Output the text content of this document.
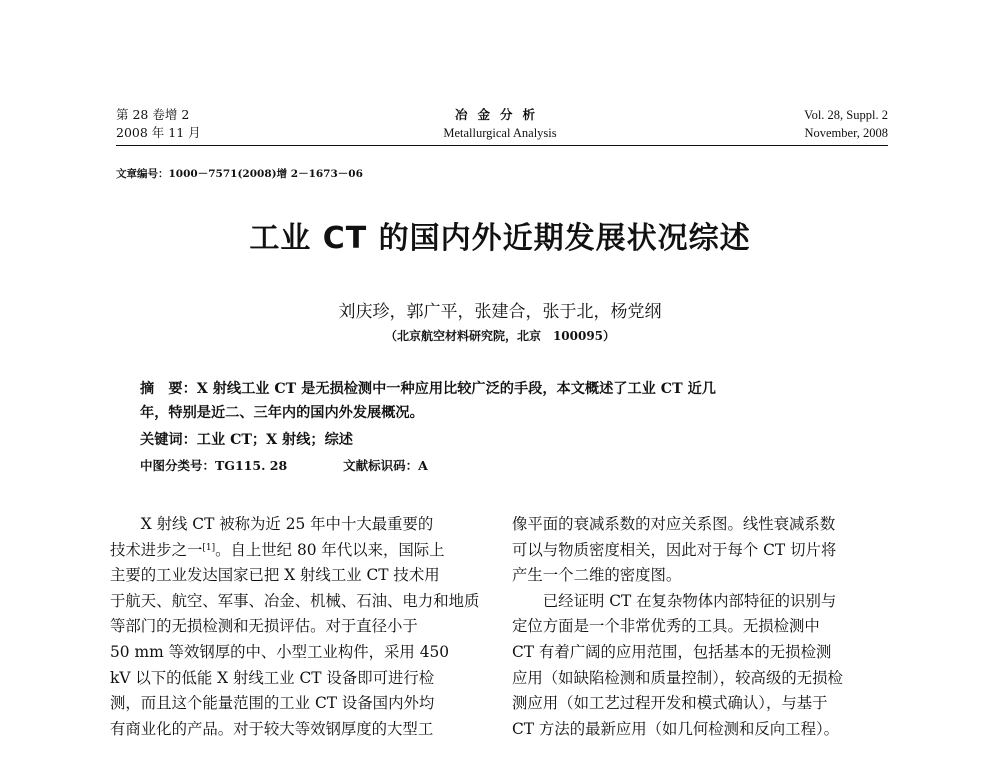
第 28 卷增 2
2008 年 11 月
冶金分析
Metallurgical Analysis
Vol. 28, Suppl. 2
November, 2008
文章编号：1000－7571(2008)增 2－1673－06
工业 CT 的国内外近期发展状况综述
刘庆珍，郭广平，张建合，张于北，杨党纲
（北京航空材料研究院，北京　100095）
摘　要：X 射线工业 CT 是无损检测中一种应用比较广泛的手段，本文概述了工业 CT 近几
年，特别是近二、三年内的国内外发展概况。
关键词：工业 CT；X 射线；综述
中图分类号：TG115. 28	文献标识码：A
　　X 射线 CT 被称为近 25 年中十大最重要的
技术进步之一[1]。自上世纪 80 年代以来，国际上
主要的工业发达国家已把 X 射线工业 CT 技术用
于航天、航空、军事、冶金、机械、石油、电力和地质
等部门的无损检测和无损评估。对于直径小于
50 mm 等效钢厚的中、小型工业构件，采用 450
kV 以下的低能 X 射线工业 CT 设备即可进行检
测，而且这个能量范围的工业 CT 设备国内外均
有商业化的产品。对于较大等效钢厚度的大型工
像平面的衰减系数的对应关系图。线性衰减系数
可以与物质密度相关，因此对于每个 CT 切片将
产生一个二维的密度图。
　　已经证明 CT 在复杂物体内部特征的识别与
定位方面是一个非常优秀的工具。无损检测中
CT 有着广阔的应用范围，包括基本的无损检测
应用（如缺陷检测和质量控制），较高级的无损检
测应用（如工艺过程开发和模式确认），与基于
CT 方法的最新应用（如几何检测和反向工程）。
